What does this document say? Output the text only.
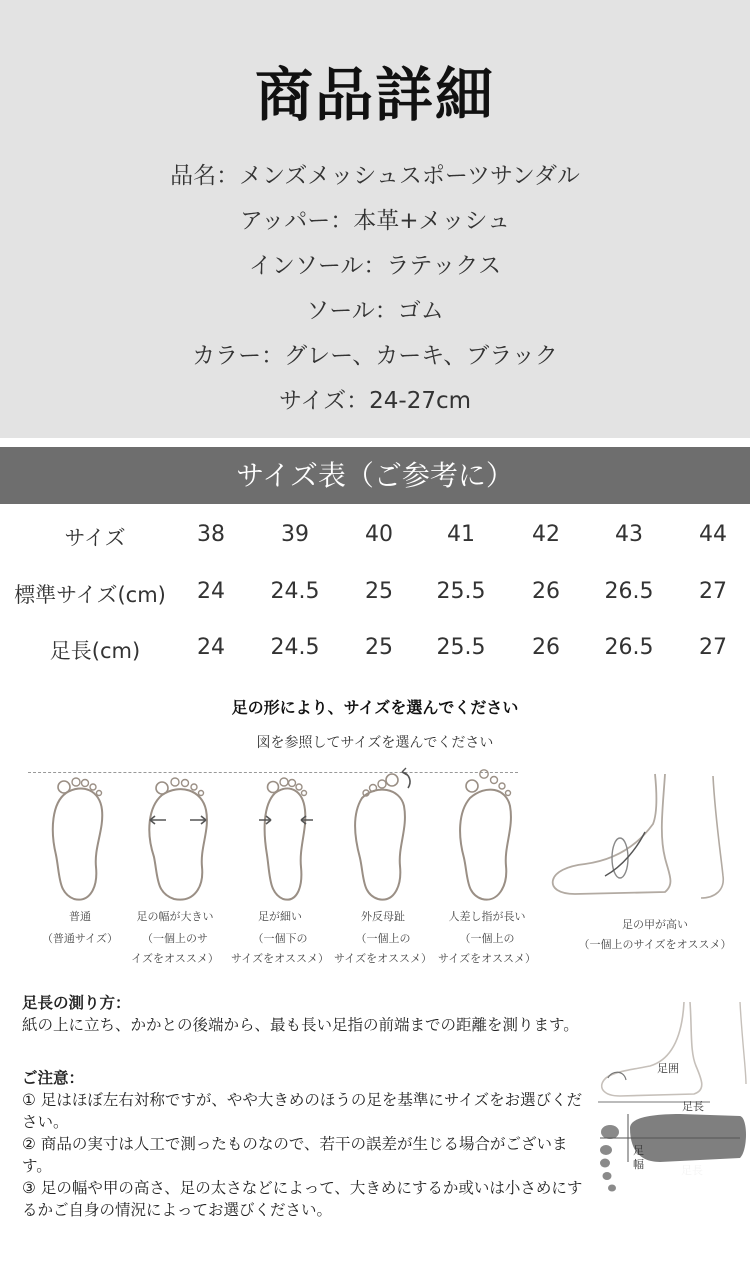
商品詳細
品名：メンズメッシュスポーツサンダル
アッパー：本革+メッシュ
インソール：ラテックス
ソール：ゴム
カラー：グレー、カーキ、ブラック
サイズ：24-27cm
サイズ表（ご参考に）
サイズ	38	39	40	41	42	43	44
標準サイズ(cm)	24	24.5	25	25.5	26	26.5	27
足長(cm)	24	24.5	25	25.5	26	26.5	27
足の形により、サイズを選んでください
図を参照してサイズを選んでください
普通
（普通サイズ）
足の幅が大きい
（一個上のサ
イズをオススメ）
足が細い
（一個下の
サイズをオススメ）
外反母趾
（一個上の
サイズをオススメ）
人差し指が長い
（一個上の
サイズをオススメ）
足の甲が高い
（一個上のサイズをオススメ）
足長の測り方：
紙の上に立ち、かかとの後端から、最も長い足指の前端までの距離を測ります。

ご注意：

① 足はほぼ左右対称ですが、やや大きめのほうの足を基準にサイズをお選びください。

② 商品の実寸は人工で測ったものなので、若干の誤差が生じる場合がございます。

③ 足の幅や甲の高さ、足の太さなどによって、大きめにするか或いは小さめにするかご自身の情況によってお選びください。

足囲
足長
足幅	足長
